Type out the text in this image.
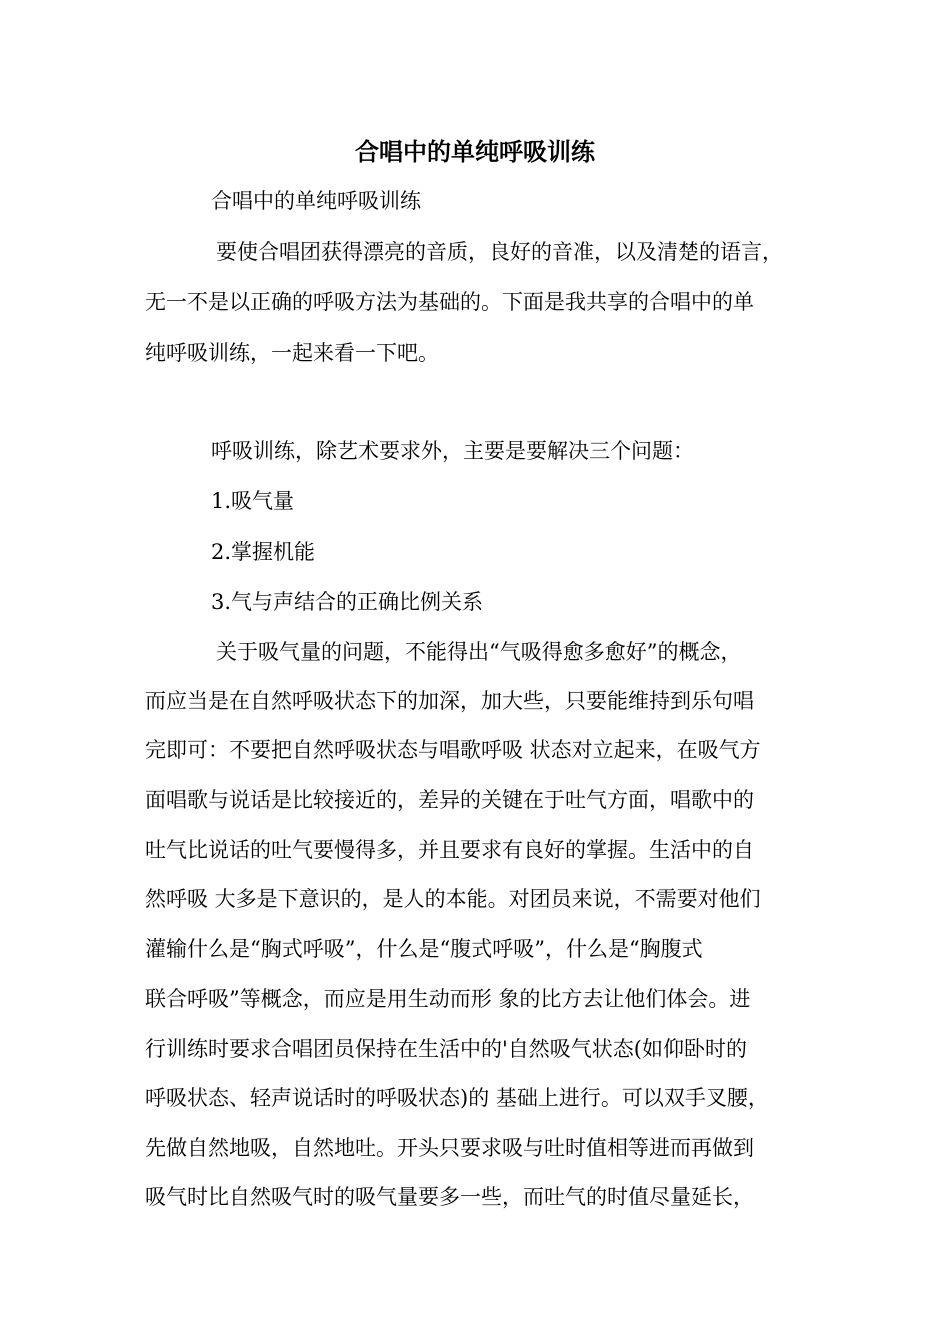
合唱中的单纯呼吸训练

合唱中的单纯呼吸训练

要使合唱团获得漂亮的音质，良好的音准，以及清楚的语言，

无一不是以正确的呼吸方法为基础的。下面是我共享的合唱中的单

纯呼吸训练，一起来看一下吧。

呼吸训练，除艺术要求外，主要是要解决三个问题：

1.吸气量

2.掌握机能

3.气与声结合的正确比例关系

关于吸气量的问题，不能得出“气吸得愈多愈好”的概念，

而应当是在自然呼吸状态下的加深，加大些，只要能维持到乐句唱

完即可：不要把自然呼吸状态与唱歌呼吸 状态对立起来，在吸气方

面唱歌与说话是比较接近的，差异的关键在于吐气方面，唱歌中的

吐气比说话的吐气要慢得多，并且要求有良好的掌握。生活中的自

然呼吸 大多是下意识的，是人的本能。对团员来说，不需要对他们

灌输什么是“胸式呼吸”，什么是“腹式呼吸”，什么是“胸腹式

联合呼吸”等概念，而应是用生动而形 象的比方去让他们体会。进

行训练时要求合唱团员保持在生活中的'自然吸气状态(如仰卧时的

呼吸状态、轻声说话时的呼吸状态)的 基础上进行。可以双手叉腰，

先做自然地吸，自然地吐。开头只要求吸与吐时值相等进而再做到

吸气时比自然吸气时的吸气量要多一些，而吐气的时值尽量延长，
